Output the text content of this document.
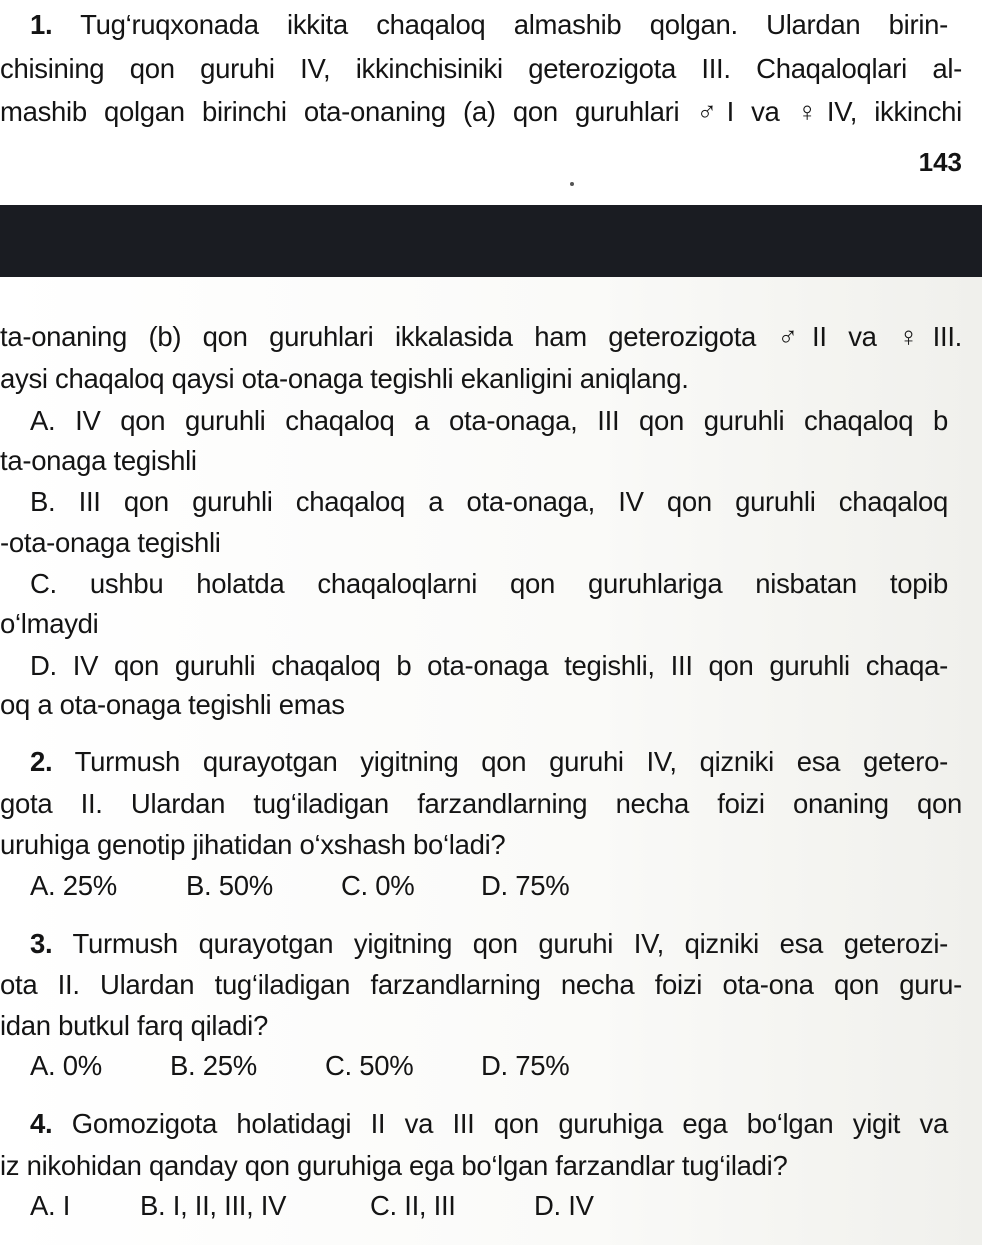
1. Tug‘ruqxonada ikkita chaqaloq almashib qolgan. Ulardan birin-
chisining qon guruhi IV, ikkinchisiniki geterozigota III. Chaqaloqlari al-
mashib qolgan birinchi ota-onaning (a) qon guruhlari ♂I va ♀IV, ikkinchi
143
ta-onaning (b) qon guruhlari ikkalasida ham geterozigota ♂II va ♀III.
aysi chaqaloq qaysi ota-onaga tegishli ekanligini aniqlang.
A. IV qon guruhli chaqaloq a ota-onaga, III qon guruhli chaqaloq b
ta-onaga tegishli
B. III qon guruhli chaqaloq a ota-onaga, IV qon guruhli chaqaloq
-ota-onaga tegishli
C. ushbu holatda chaqaloqlarni qon guruhlariga nisbatan topib
o‘lmaydi
D. IV qon guruhli chaqaloq b ota-onaga tegishli, III qon guruhli chaqa-
oq a ota-onaga tegishli emas
2. Turmush qurayotgan yigitning qon guruhi IV, qizniki esa getero-
gota II. Ulardan tug‘iladigan farzandlarning necha foizi onaning qon
uruhiga genotip jihatidan o‘xshash bo‘ladi?
A. 25%	B. 50% C. 0% D. 75%
3. Turmush qurayotgan yigitning qon guruhi IV, qizniki esa geterozi-
ota II. Ulardan tug‘iladigan farzandlarning necha foizi ota-ona qon guru-
idan butkul farq qiladi?
A. 0% B. 25% C. 50% D. 75%
4. Gomozigota holatidagi II va III qon guruhiga ega bo‘lgan yigit va
iz nikohidan qanday qon guruhiga ega bo‘lgan farzandlar tug‘iladi?
A. I	B. I, II, III, IV	C. II, III	D. IV
